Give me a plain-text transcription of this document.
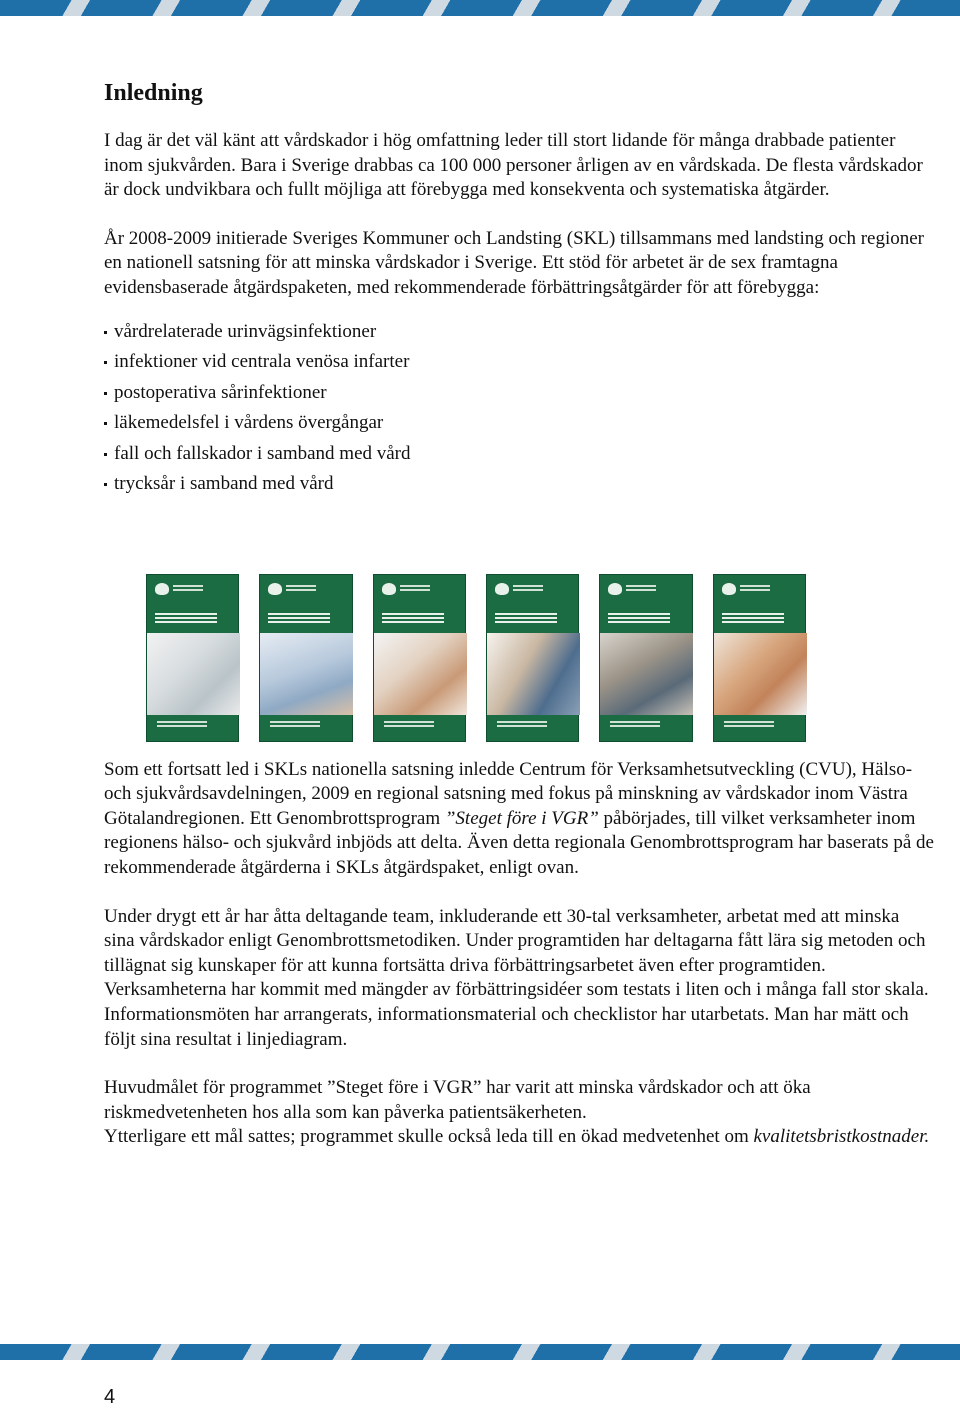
Inledning

I dag är det väl känt att vårdskador i hög omfattning leder till stort lidande för många drabbade patienter inom sjukvården. Bara i Sverige drabbas ca 100 000 personer årligen av en vårdskada. De flesta vårdskador är dock undvikbara och fullt möjliga att förebygga med konsekventa och systematiska åtgärder.

År 2008-2009 initierade Sveriges Kommuner och Landsting (SKL) tillsammans med landsting och regioner en nationell satsning för att minska vårdskador i Sverige. Ett stöd för arbetet är de sex framtagna evidensbaserade åtgärdspaketen, med rekommenderade förbättringsåtgärder för att förebygga:

vårdrelaterade urinvägsinfektioner
infektioner vid centrala venösa infarter
postoperativa sårinfektioner
läkemedelsfel i vårdens övergångar
fall och fallskador i samband med vård
trycksår i samband med vård

Som ett fortsatt led i SKLs nationella satsning inledde Centrum för Verksamhetsutveckling (CVU), Hälso- och sjukvårdsavdelningen, 2009 en regional satsning med fokus på minskning av vårdskador inom Västra Götalandregionen. Ett Genombrottsprogram ”Steget före i VGR” påbörjades, till vilket verksamheter inom regionens hälso- och sjukvård inbjöds att delta. Även detta regionala Genombrottsprogram har baserats på de rekommenderade åtgärderna i SKLs åtgärdspaket, enligt ovan.

Under drygt ett år har åtta deltagande team, inkluderande ett 30-tal verksamheter, arbetat med att minska sina vårdskador enligt Genombrottsmetodiken. Under programtiden har deltagarna fått lära sig metoden och tillägnat sig kunskaper för att kunna fortsätta driva förbättringsarbetet även efter programtiden. Verksamheterna har kommit med mängder av förbättringsidéer som testats i liten och i många fall stor skala. Informationsmöten har arrangerats, informationsmaterial och checklistor har utarbetats. Man har mätt och följt sina resultat i linjediagram.

Huvudmålet för programmet ”Steget före i VGR” har varit att minska vårdskador och att öka riskmedvetenheten hos alla som kan påverka patientsäkerheten.
Ytterligare ett mål sattes; programmet skulle också leda till en ökad medvetenhet om kvalitetsbristkostnader.

4
